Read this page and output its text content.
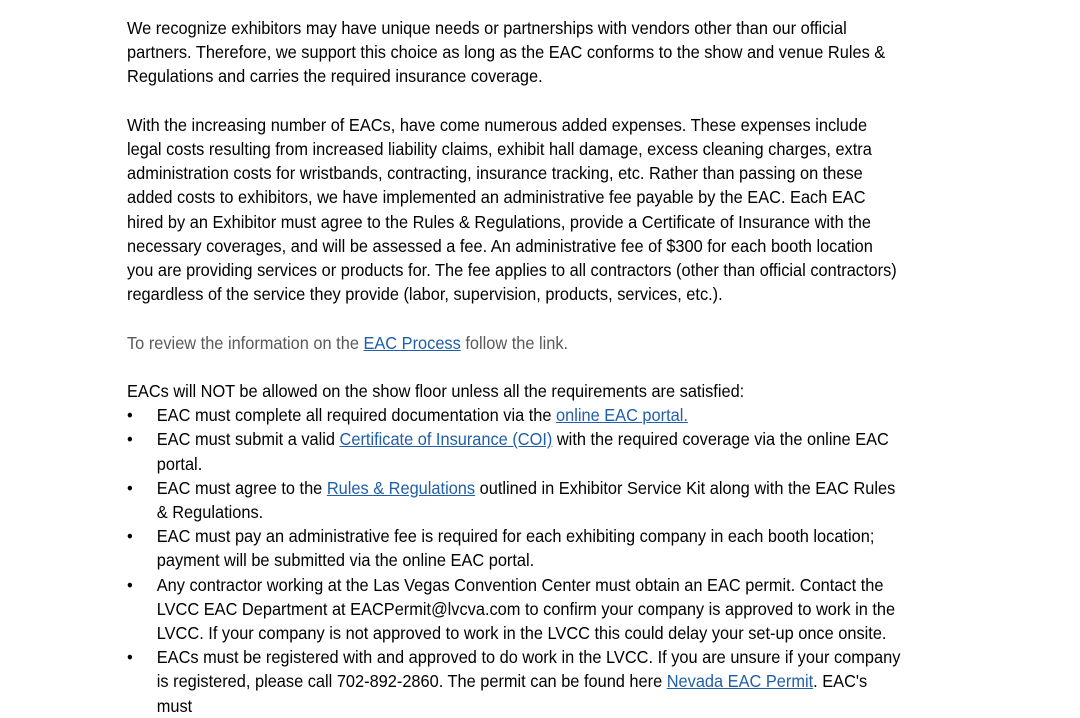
We recognize exhibitors may have unique needs or partnerships with vendors other than our official partners. Therefore, we support this choice as long as the EAC conforms to the show and venue Rules & Regulations and carries the required insurance coverage.

With the increasing number of EACs, have come numerous added expenses. These expenses include legal costs resulting from increased liability claims, exhibit hall damage, excess cleaning charges, extra administration costs for wristbands, contracting, insurance tracking, etc. Rather than passing on these added costs to exhibitors, we have implemented an administrative fee payable by the EAC. Each EAC hired by an Exhibitor must agree to the Rules & Regulations, provide a Certificate of Insurance with the necessary coverages, and will be assessed a fee. An administrative fee of $300 for each booth location you are providing services or products for. The fee applies to all contractors (other than official contractors) regardless of the service they provide (labor, supervision, products, services, etc.).

To review the information on the EAC Process follow the link.

EACs will NOT be allowed on the show floor unless all the requirements are satisfied:

• EAC must complete all required documentation via the online EAC portal.
• EAC must submit a valid Certificate of Insurance (COI) with the required coverage via the online EAC portal.
• EAC must agree to the Rules & Regulations outlined in Exhibitor Service Kit along with the EAC Rules & Regulations.
• EAC must pay an administrative fee is required for each exhibiting company in each booth location; payment will be submitted via the online EAC portal.
• Any contractor working at the Las Vegas Convention Center must obtain an EAC permit. Contact the LVCC EAC Department at EACPermit@lvcva.com to confirm your company is approved to work in the LVCC. If your company is not approved to work in the LVCC this could delay your set-up once onsite.
• EACs must be registered with and approved to do work in the LVCC. If you are unsure if your company is registered, please call 702-892-2860. The permit can be found here Nevada EAC Permit. EAC's must
